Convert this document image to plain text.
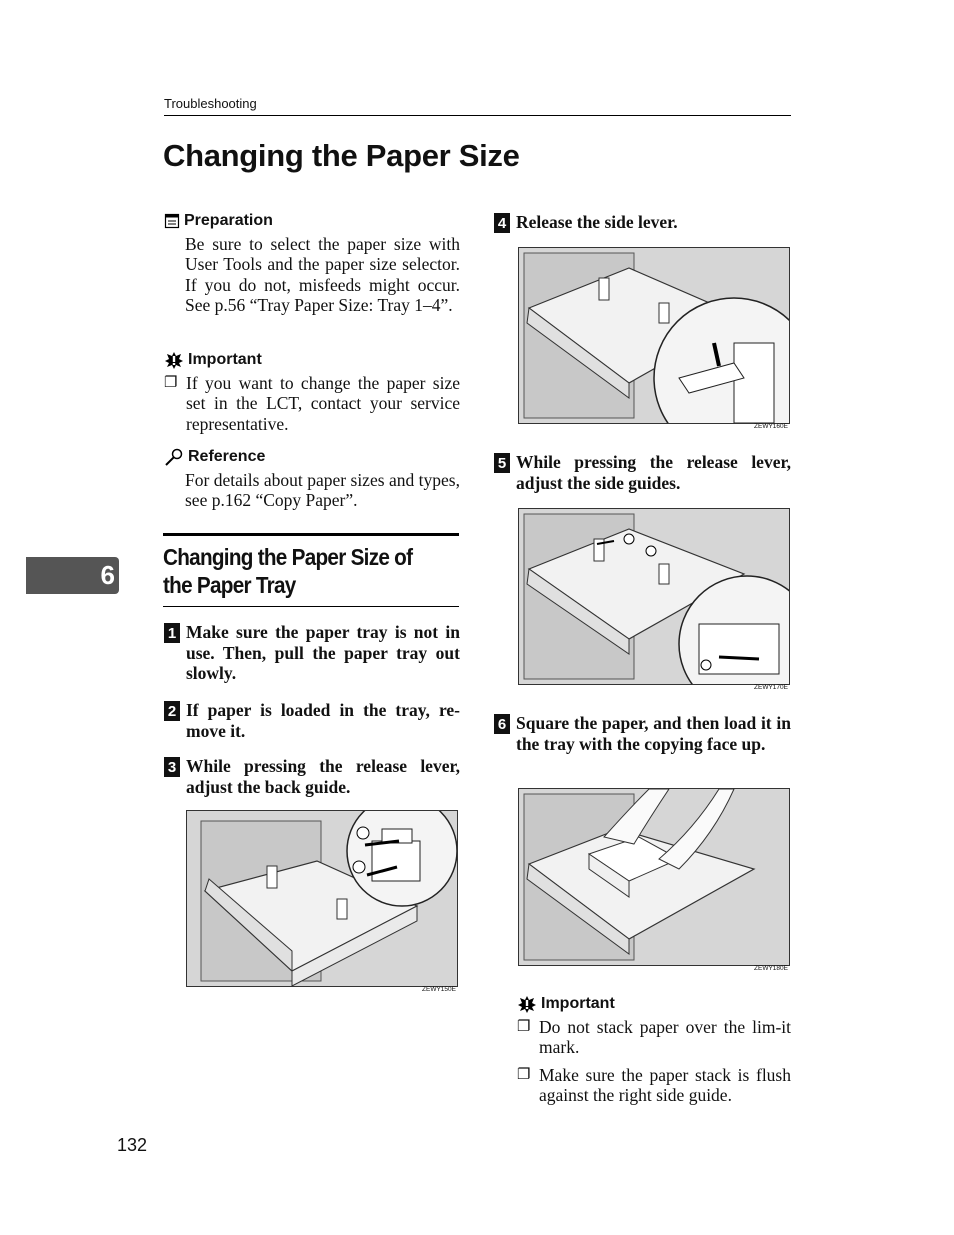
Troubleshooting
Changing the Paper Size
Preparation
Be sure to select the paper size with User Tools and the paper size selector. If you do not, misfeeds might occur. See p.56 “Tray Paper Size: Tray 1–4”.
Important
❐ If you want to change the paper size set in the LCT, contact your service representative.
Reference
For details about paper sizes and types, see p.162 “Copy Paper”.
Changing the Paper Size of the Paper Tray
1 Make sure the paper tray is not in use. Then, pull the paper tray out slowly.
2 If paper is loaded in the tray, re-move it.
3 While pressing the release lever, adjust the back guide.
ZEWY150E
4 Release the side lever.
ZEWY160E
5 While pressing the release lever, adjust the side guides.
ZEWY170E
6 Square the paper, and then load it in the tray with the copying face up.
ZEWY180E
Important
❐ Do not stack paper over the lim-it mark.
❐ Make sure the paper stack is flush against the right side guide.
6
132
